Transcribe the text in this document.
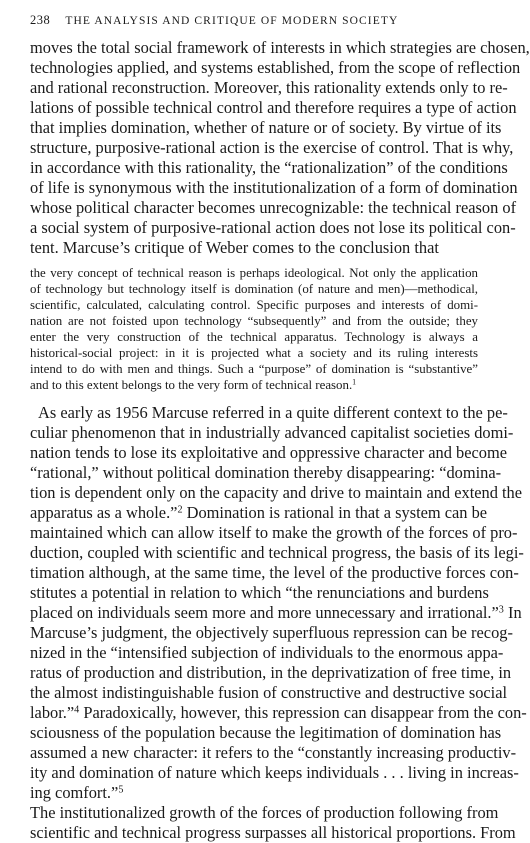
238 THE ANALYSIS AND CRITIQUE OF MODERN SOCIETY
moves the total social framework of interests in which strategies are chosen,
technologies applied, and systems established, from the scope of reflection
and rational reconstruction. Moreover, this rationality extends only to re-
lations of possible technical control and therefore requires a type of action
that implies domination, whether of nature or of society. By virtue of its
structure, purposive-rational action is the exercise of control. That is why,
in accordance with this rationality, the “rationalization” of the conditions
of life is synonymous with the institutionalization of a form of domination
whose political character becomes unrecognizable: the technical reason of
a social system of purposive-rational action does not lose its political con-
tent. Marcuse’s critique of Weber comes to the conclusion that
the very concept of technical reason is perhaps ideological. Not only the application
of technology but technology itself is domination (of nature and men)—methodical,
scientific, calculated, calculating control. Specific purposes and interests of domi-
nation are not foisted upon technology “subsequently” and from the outside; they
enter the very construction of the technical apparatus. Technology is always a
historical-social project: in it is projected what a society and its ruling interests
intend to do with men and things. Such a “purpose” of domination is “substantive”
and to this extent belongs to the very form of technical reason.$^1$
As early as 1956 Marcuse referred in a quite different context to the pe-
culiar phenomenon that in industrially advanced capitalist societies domi-
nation tends to lose its exploitative and oppressive character and become
“rational,” without political domination thereby disappearing: “domina-
tion is dependent only on the capacity and drive to maintain and extend the
apparatus as a whole.”$^2$ Domination is rational in that a system can be
maintained which can allow itself to make the growth of the forces of pro-
duction, coupled with scientific and technical progress, the basis of its legi-
timation although, at the same time, the level of the productive forces con-
stitutes a potential in relation to which “the renunciations and burdens
placed on individuals seem more and more unnecessary and irrational.”$^3$ In
Marcuse’s judgment, the objectively superfluous repression can be recog-
nized in the “intensified subjection of individuals to the enormous appa-
ratus of production and distribution, in the deprivatization of free time, in
the almost indistinguishable fusion of constructive and destructive social
labor.”$^4$ Paradoxically, however, this repression can disappear from the con-
sciousness of the population because the legitimation of domination has
assumed a new character: it refers to the “constantly increasing productiv-
ity and domination of nature which keeps individuals . . . living in increas-
ing comfort.”$^5$
The institutionalized growth of the forces of production following from
scientific and technical progress surpasses all historical proportions. From
